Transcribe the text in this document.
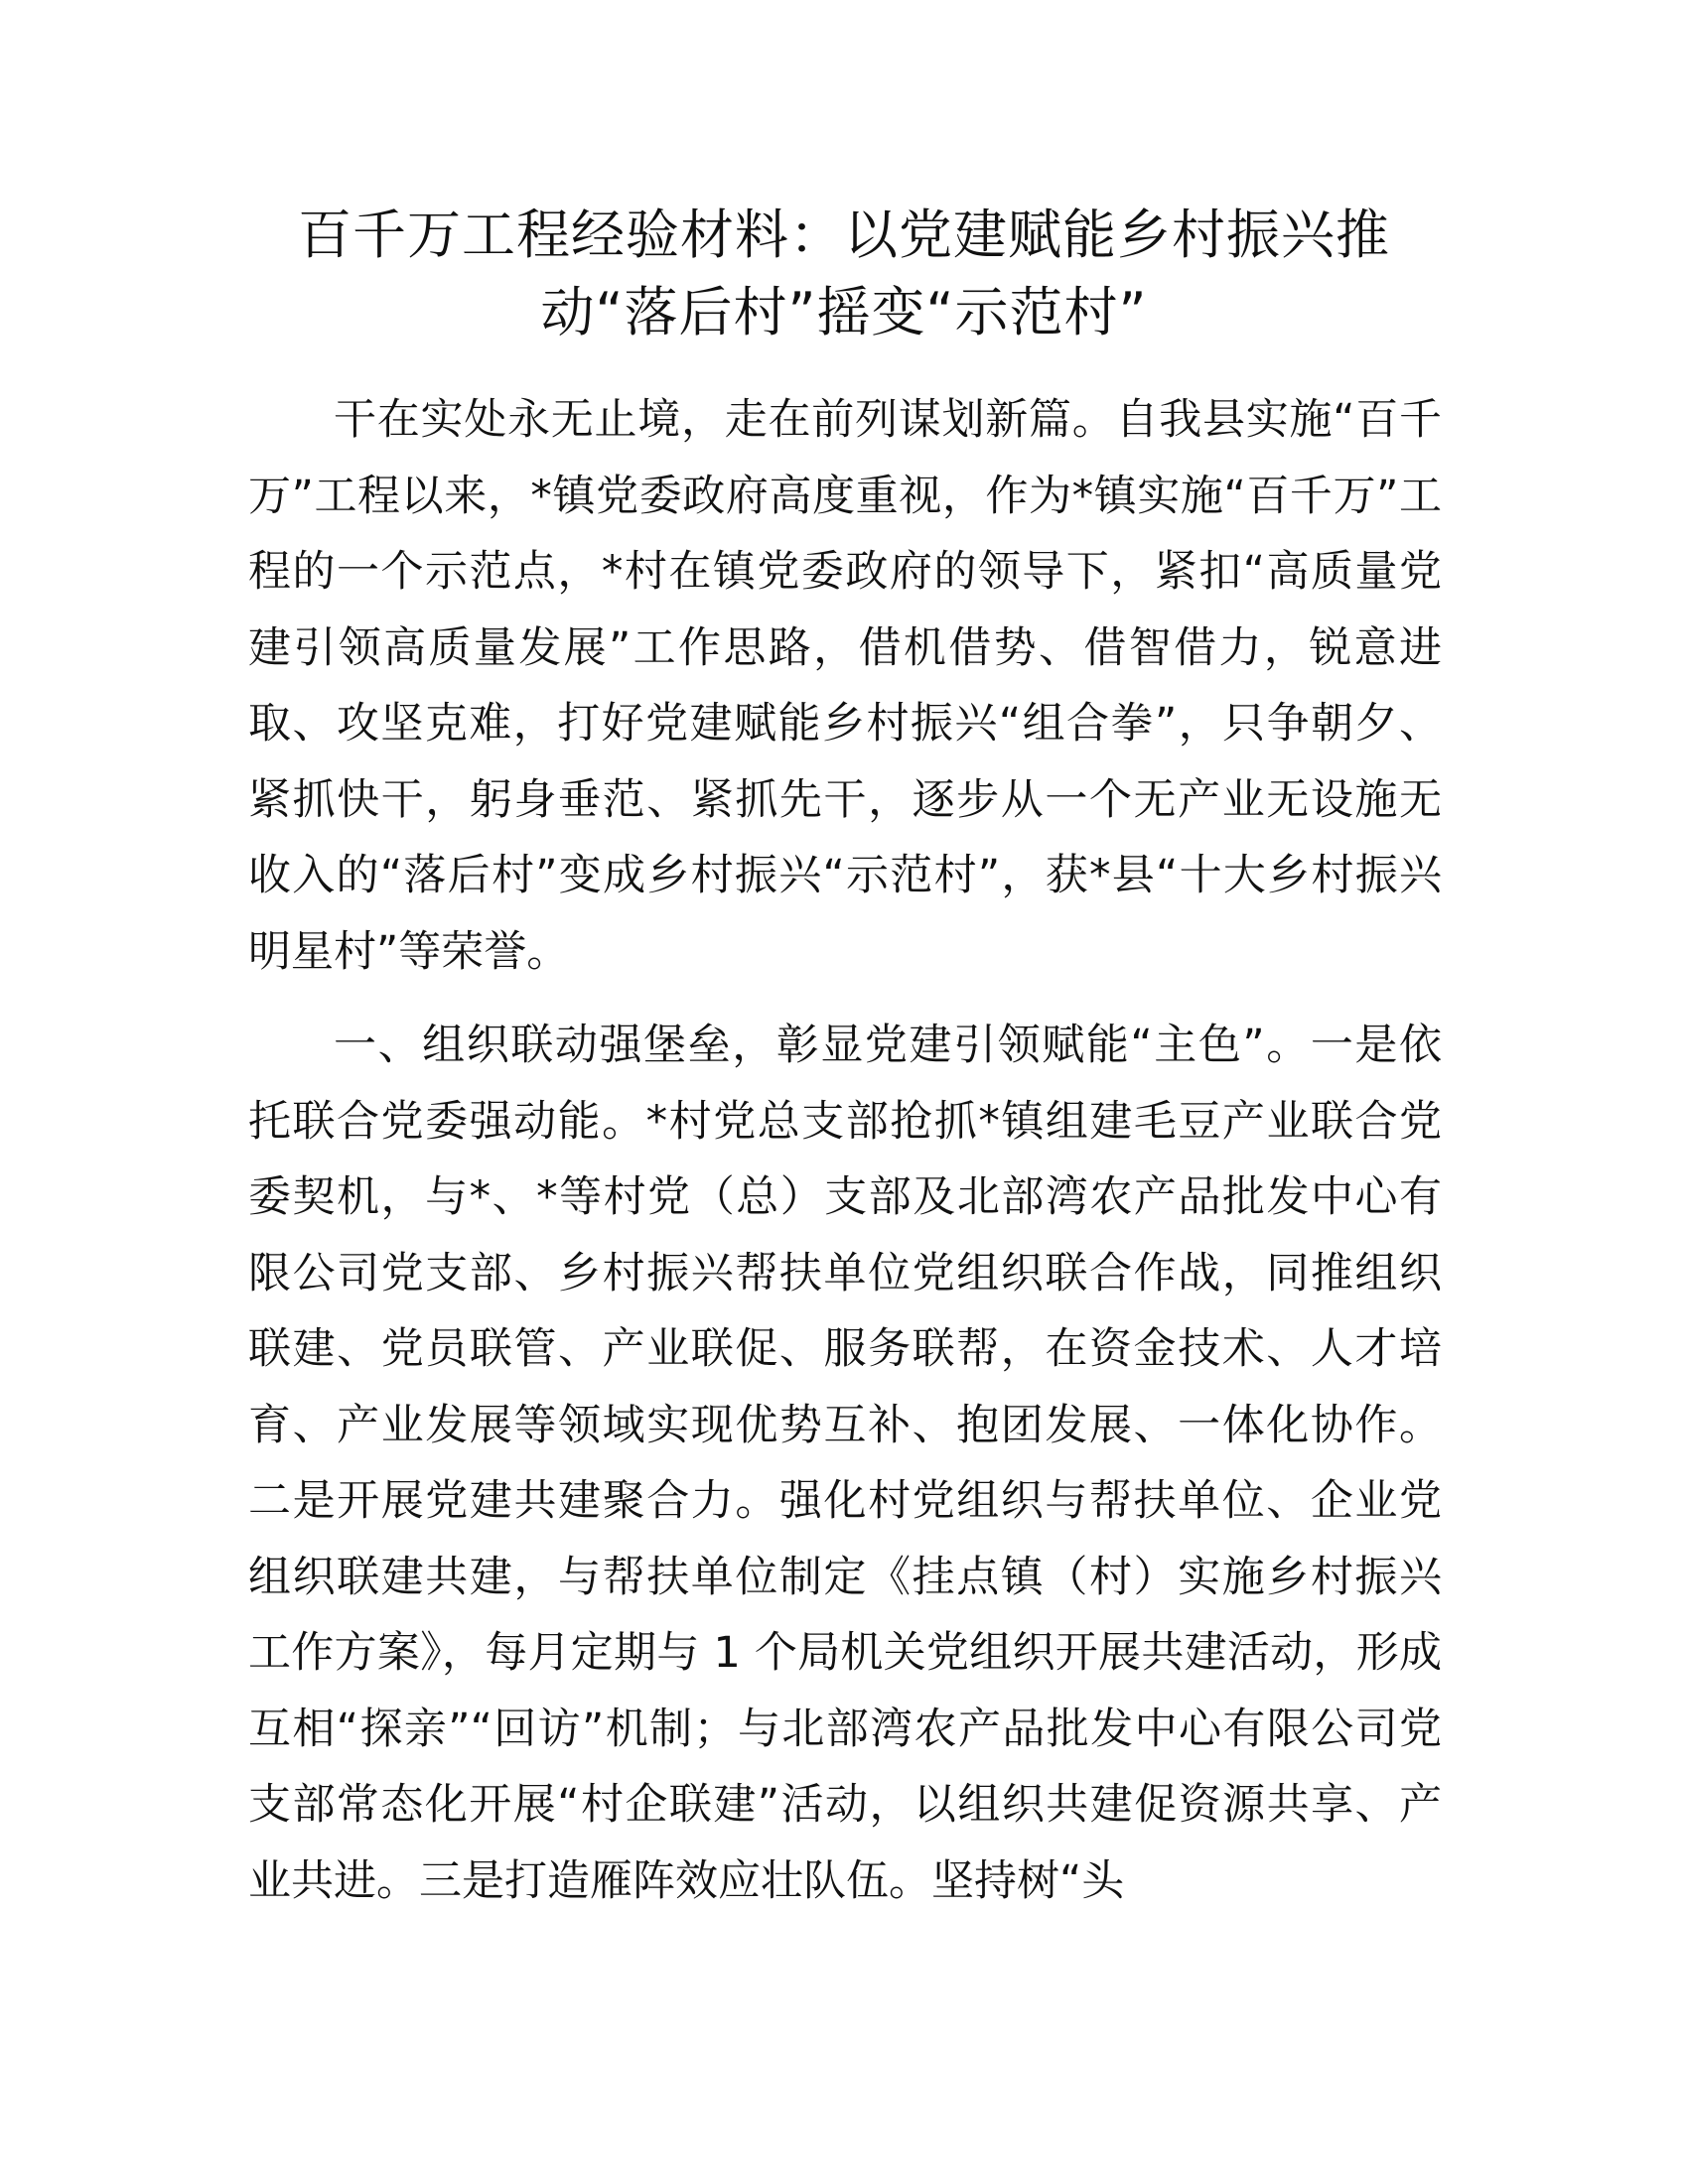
百千万工程经验材料：以党建赋能乡村振兴推动“落后村”摇变“示范村”

干在实处永无止境，走在前列谋划新篇。自我县实施“百千万”工程以来，*镇党委政府高度重视，作为*镇实施“百千万”工程的一个示范点，*村在镇党委政府的领导下，紧扣“高质量党建引领高质量发展”工作思路，借机借势、借智借力，锐意进取、攻坚克难，打好党建赋能乡村振兴“组合拳”，只争朝夕、紧抓快干，躬身垂范、紧抓先干，逐步从一个无产业无设施无收入的“落后村”变成乡村振兴“示范村”，获*县“十大乡村振兴明星村”等荣誉。

一、组织联动强堡垒，彰显党建引领赋能“主色”。一是依托联合党委强动能。*村党总支部抢抓*镇组建毛豆产业联合党委契机，与*、*等村党（总）支部及北部湾农产品批发中心有限公司党支部、乡村振兴帮扶单位党组织联合作战，同推组织联建、党员联管、产业联促、服务联帮，在资金技术、人才培育、产业发展等领域实现优势互补、抱团发展、一体化协作。二是开展党建共建聚合力。强化村党组织与帮扶单位、企业党组织联建共建，与帮扶单位制定《挂点镇（村）实施乡村振兴工作方案》，每月定期与 1 个局机关党组织开展共建活动，形成互相“探亲”“回访”机制；与北部湾农产品批发中心有限公司党支部常态化开展“村企联建”活动，以组织共建促资源共享、产业共进。三是打造雁阵效应壮队伍。坚持树“头
